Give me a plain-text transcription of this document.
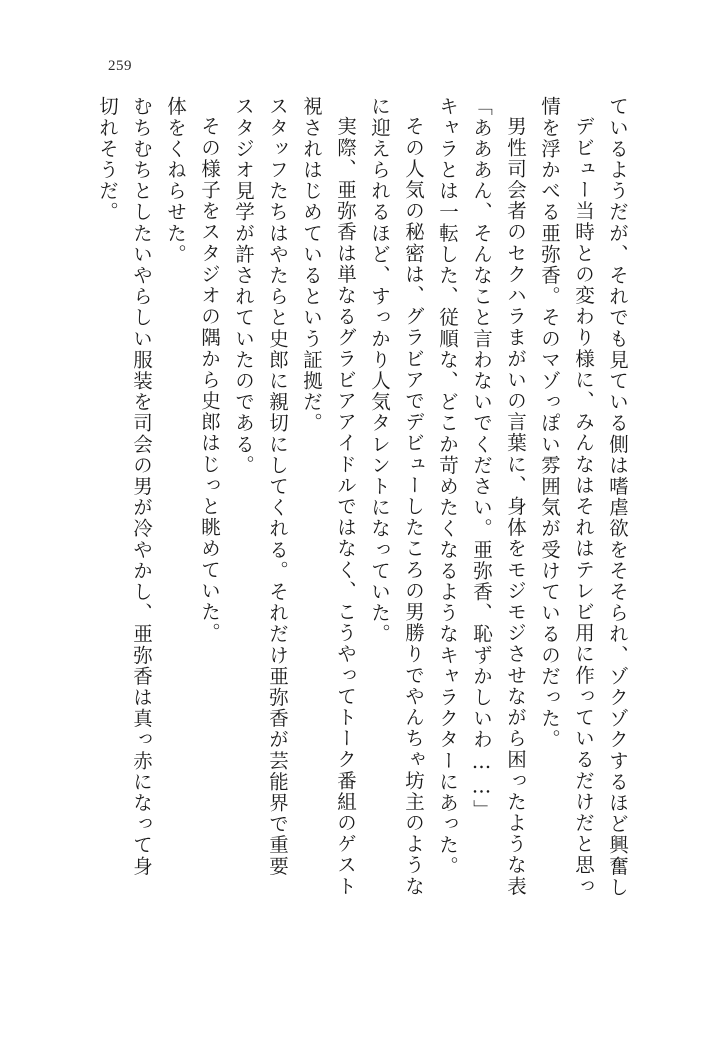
259
切れそうだ。 むちむちとしたいやらしい服装を司会の男が冷やかし、亜弥香は真っ赤になって身 体をくねらせた。 その様子をスタジオの隅から史郎はじっと眺めていた。 スタジオ見学が許されていたのである。 スタッフたちはやたらと史郎に親切にしてくれる。それだけ亜弥香が芸能界で重要 視されはじめているという証拠だ。 実際、亜弥香は単なるグラビアアイドルではなく、こうやってトーク番組のゲスト に迎えられるほど、すっかり人気タレントになっていた。 その人気の秘密は、グラビアでデビューしたころの男勝りでやんちゃ坊主のような キャラとは一転した、従順な、どこか苛めたくなるようなキャラクターにあった。 「あああん、そんなこと言わないでください。亜弥香、恥ずかしいわ……」 男性司会者のセクハラまがいの言葉に、身体をモジモジさせながら困ったような表 情を浮かべる亜弥香。そのマゾっぽい雰囲気が受けているのだった。 デビュー当時との変わり様に、みんなはそれはテレビ用に作っているだけだと思っ ているようだが、それでも見ている側は嗜虐欲をそそられ、ゾクゾクするほど興奮し
